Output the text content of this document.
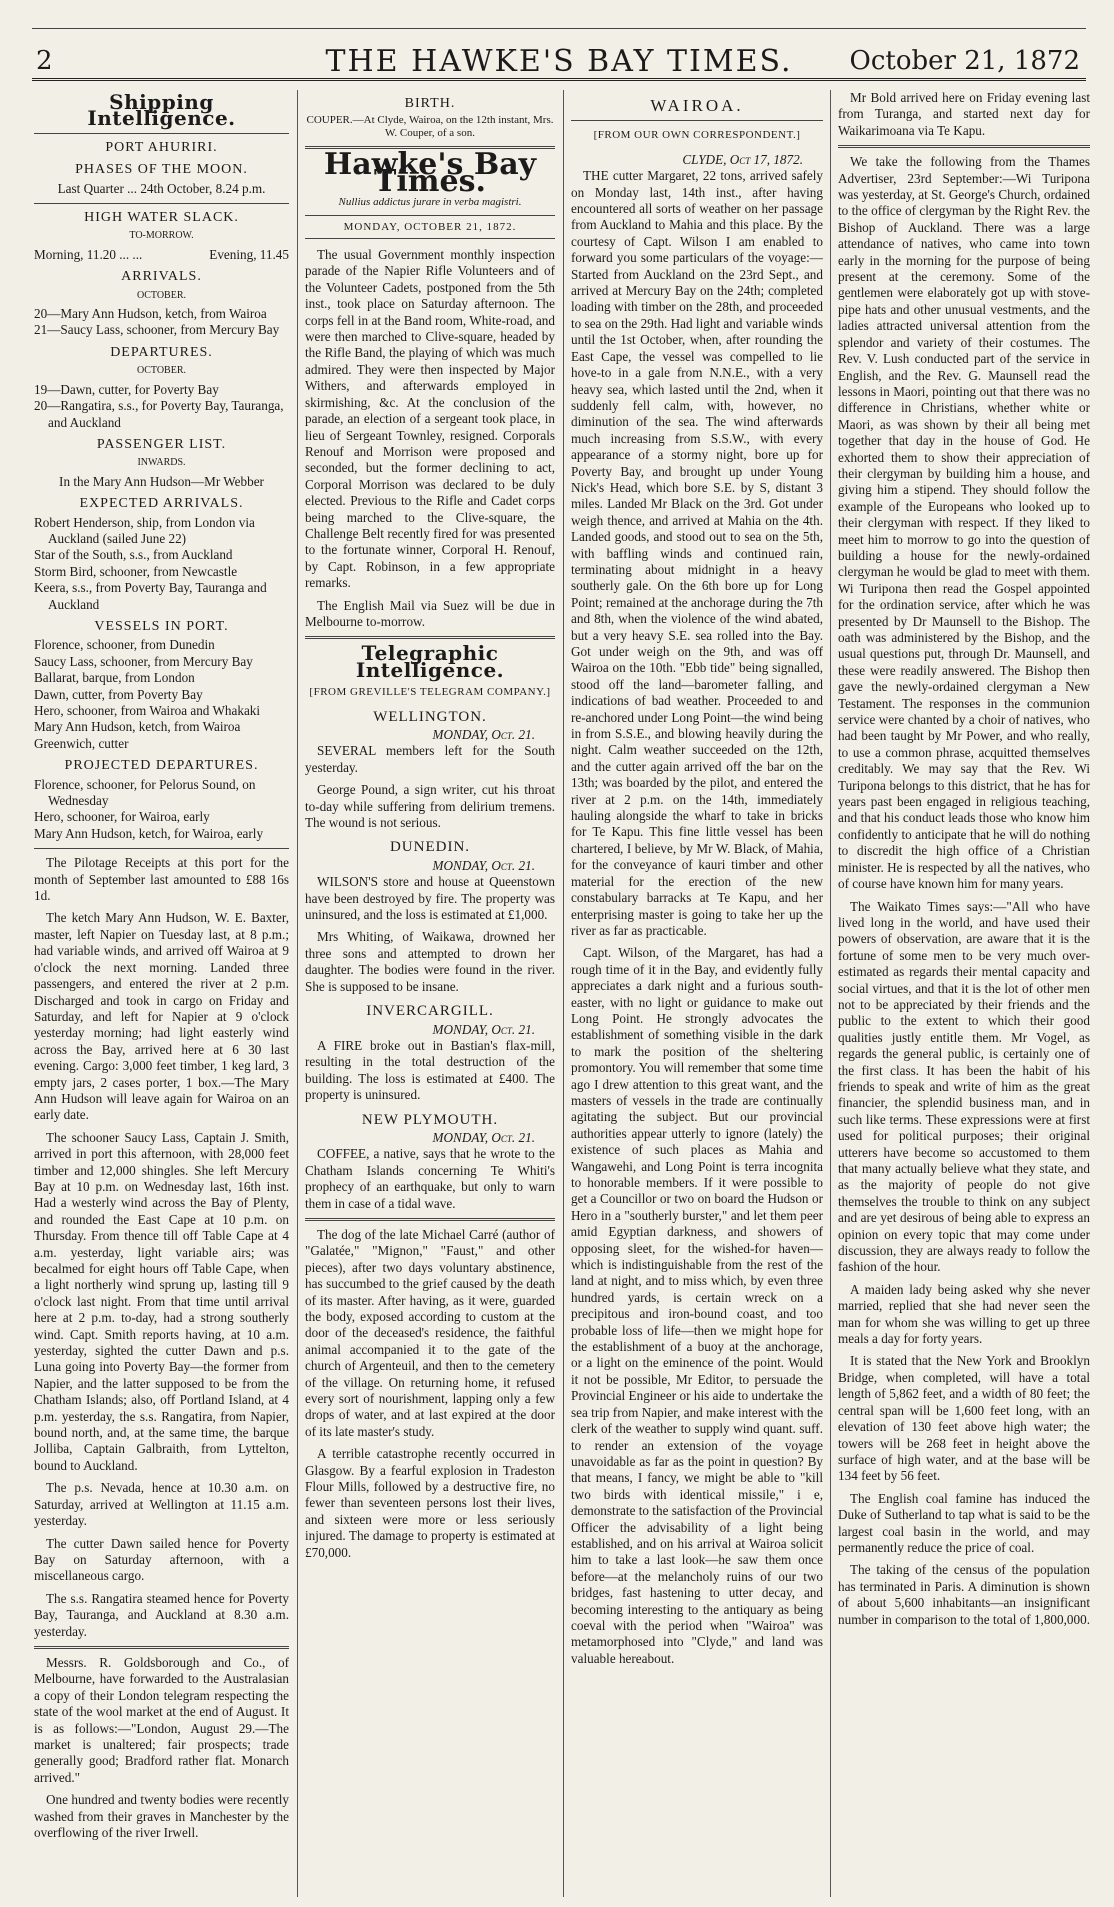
2	THE HAWKE'S BAY TIMES.	October 21, 1872
Shipping Intelligence.
PORT AHURIRI.
PHASES OF THE MOON.
Last Quarter ... 24th October, 8.24 p.m.
HIGH WATER SLACK.
TO-MORROW.
Morning, 11.20 ... ...	Evening, 11.45
ARRIVALS.
OCTOBER.

20—Mary Ann Hudson, ketch, from Wairoa

21—Saucy Lass, schooner, from Mercury Bay

DEPARTURES.
OCTOBER.

19—Dawn, cutter, for Poverty Bay

20—Rangatira, s.s., for Poverty Bay, Tauranga, and Auckland

PASSENGER LIST.
INWARDS.
In the Mary Ann Hudson—Mr Webber
EXPECTED ARRIVALS.

Robert Henderson, ship, from London via Auckland (sailed June 22)

Star of the South, s.s., from Auckland

Storm Bird, schooner, from Newcastle

Keera, s.s., from Poverty Bay, Tauranga and Auckland

VESSELS IN PORT.

Florence, schooner, from Dunedin

Saucy Lass, schooner, from Mercury Bay

Ballarat, barque, from London

Dawn, cutter, from Poverty Bay

Hero, schooner, from Wairoa and Whakaki

Mary Ann Hudson, ketch, from Wairoa

Greenwich, cutter

PROJECTED DEPARTURES.

Florence, schooner, for Pelorus Sound, on Wednesday

Hero, schooner, for Wairoa, early

Mary Ann Hudson, ketch, for Wairoa, early

The Pilotage Receipts at this port for the month of September last amounted to £88 16s 1d.

The ketch Mary Ann Hudson, W. E. Baxter, master, left Napier on Tuesday last, at 8 p.m.; had variable winds, and arrived off Wairoa at 9 o'clock the next morning. Landed three passengers, and entered the river at 2 p.m. Discharged and took in cargo on Friday and Saturday, and left for Napier at 9 o'clock yesterday morning; had light easterly wind across the Bay, arrived here at 6 30 last evening. Cargo: 3,000 feet timber, 1 keg lard, 3 empty jars, 2 cases porter, 1 box.—The Mary Ann Hudson will leave again for Wairoa on an early date.

The schooner Saucy Lass, Captain J. Smith, arrived in port this afternoon, with 28,000 feet timber and 12,000 shingles. She left Mercury Bay at 10 p.m. on Wednesday last, 16th inst. Had a westerly wind across the Bay of Plenty, and rounded the East Cape at 10 p.m. on Thursday. From thence till off Table Cape at 4 a.m. yesterday, light variable airs; was becalmed for eight hours off Table Cape, when a light northerly wind sprung up, lasting till 9 o'clock last night. From that time until arrival here at 2 p.m. to-day, had a strong southerly wind. Capt. Smith reports having, at 10 a.m. yesterday, sighted the cutter Dawn and p.s. Luna going into Poverty Bay—the former from Napier, and the latter supposed to be from the Chatham Islands; also, off Portland Island, at 4 p.m. yesterday, the s.s. Rangatira, from Napier, bound north, and, at the same time, the barque Jolliba, Captain Galbraith, from Lyttelton, bound to Auckland.

The p.s. Nevada, hence at 10.30 a.m. on Saturday, arrived at Wellington at 11.15 a.m. yesterday.

The cutter Dawn sailed hence for Poverty Bay on Saturday afternoon, with a miscellaneous cargo.

The s.s. Rangatira steamed hence for Poverty Bay, Tauranga, and Auckland at 8.30 a.m. yesterday.

Messrs. R. Goldsborough and Co., of Melbourne, have forwarded to the Australasian a copy of their London telegram respecting the state of the wool market at the end of August. It is as follows:—"London, August 29.—The market is unaltered; fair prospects; trade generally good; Bradford rather flat. Monarch arrived."

One hundred and twenty bodies were recently washed from their graves in Manchester by the overflowing of the river Irwell.

BIRTH.
COUPER.—At Clyde, Wairoa, on the 12th instant, Mrs. W. Couper, of a son.
Hawke's Bay Times.
Nullius addictus jurare in verba magistri.
MONDAY, OCTOBER 21, 1872.

The usual Government monthly inspection parade of the Napier Rifle Volunteers and of the Volunteer Cadets, postponed from the 5th inst., took place on Saturday afternoon. The corps fell in at the Band room, White-road, and were then marched to Clive-square, headed by the Rifle Band, the playing of which was much admired. They were then inspected by Major Withers, and afterwards employed in skirmishing, &c. At the conclusion of the parade, an election of a sergeant took place, in lieu of Sergeant Townley, resigned. Corporals Renouf and Morrison were proposed and seconded, but the former declining to act, Corporal Morrison was declared to be duly elected. Previous to the Rifle and Cadet corps being marched to the Clive-square, the Challenge Belt recently fired for was presented to the fortunate winner, Corporal H. Renouf, by Capt. Robinson, in a few appropriate remarks.

The English Mail via Suez will be due in Melbourne to-morrow.

Telegraphic Intelligence.
[FROM GREVILLE'S TELEGRAM COMPANY.]
WELLINGTON.
MONDAY, Oct. 21.

SEVERAL members left for the South yesterday.

George Pound, a sign writer, cut his throat to-day while suffering from delirium tremens. The wound is not serious.

DUNEDIN.
MONDAY, Oct. 21.

WILSON'S store and house at Queenstown have been destroyed by fire. The property was uninsured, and the loss is estimated at £1,000.

Mrs Whiting, of Waikawa, drowned her three sons and attempted to drown her daughter. The bodies were found in the river. She is supposed to be insane.

INVERCARGILL.
MONDAY, Oct. 21.

A FIRE broke out in Bastian's flax-mill, resulting in the total destruction of the building. The loss is estimated at £400. The property is uninsured.

NEW PLYMOUTH.
MONDAY, Oct. 21.

COFFEE, a native, says that he wrote to the Chatham Islands concerning Te Whiti's prophecy of an earthquake, but only to warn them in case of a tidal wave.

The dog of the late Michael Carré (author of "Galatée," "Mignon," "Faust," and other pieces), after two days voluntary abstinence, has succumbed to the grief caused by the death of its master. After having, as it were, guarded the body, exposed according to custom at the door of the deceased's residence, the faithful animal accompanied it to the gate of the church of Argenteuil, and then to the cemetery of the village. On returning home, it refused every sort of nourishment, lapping only a few drops of water, and at last expired at the door of its late master's study.

A terrible catastrophe recently occurred in Glasgow. By a fearful explosion in Tradeston Flour Mills, followed by a destructive fire, no fewer than seventeen persons lost their lives, and sixteen were more or less seriously injured. The damage to property is estimated at £70,000.

WAIROA.
[FROM OUR OWN CORRESPONDENT.]
CLYDE, Oct 17, 1872.

THE cutter Margaret, 22 tons, arrived safely on Monday last, 14th inst., after having encountered all sorts of weather on her passage from Auckland to Mahia and this place. By the courtesy of Capt. Wilson I am enabled to forward you some particulars of the voyage:—Started from Auckland on the 23rd Sept., and arrived at Mercury Bay on the 24th; completed loading with timber on the 28th, and proceeded to sea on the 29th. Had light and variable winds until the 1st October, when, after rounding the East Cape, the vessel was compelled to lie hove-to in a gale from N.N.E., with a very heavy sea, which lasted until the 2nd, when it suddenly fell calm, with, however, no diminution of the sea. The wind afterwards much increasing from S.S.W., with every appearance of a stormy night, bore up for Poverty Bay, and brought up under Young Nick's Head, which bore S.E. by S, distant 3 miles. Landed Mr Black on the 3rd. Got under weigh thence, and arrived at Mahia on the 4th. Landed goods, and stood out to sea on the 5th, with baffling winds and continued rain, terminating about midnight in a heavy southerly gale. On the 6th bore up for Long Point; remained at the anchorage during the 7th and 8th, when the violence of the wind abated, but a very heavy S.E. sea rolled into the Bay. Got under weigh on the 9th, and was off Wairoa on the 10th. "Ebb tide" being signalled, stood off the land—barometer falling, and indications of bad weather. Proceeded to and re-anchored under Long Point—the wind being in from S.S.E., and blowing heavily during the night. Calm weather succeeded on the 12th, and the cutter again arrived off the bar on the 13th; was boarded by the pilot, and entered the river at 2 p.m. on the 14th, immediately hauling alongside the wharf to take in bricks for Te Kapu. This fine little vessel has been chartered, I believe, by Mr W. Black, of Mahia, for the conveyance of kauri timber and other material for the erection of the new constabulary barracks at Te Kapu, and her enterprising master is going to take her up the river as far as practicable.

Capt. Wilson, of the Margaret, has had a rough time of it in the Bay, and evidently fully appreciates a dark night and a furious south-easter, with no light or guidance to make out Long Point. He strongly advocates the establishment of something visible in the dark to mark the position of the sheltering promontory. You will remember that some time ago I drew attention to this great want, and the masters of vessels in the trade are continually agitating the subject. But our provincial authorities appear utterly to ignore (lately) the existence of such places as Mahia and Wangawehi, and Long Point is terra incognita to honorable members. If it were possible to get a Councillor or two on board the Hudson or Hero in a "southerly burster," and let them peer amid Egyptian darkness, and showers of opposing sleet, for the wished-for haven—which is indistinguishable from the rest of the land at night, and to miss which, by even three hundred yards, is certain wreck on a precipitous and iron-bound coast, and too probable loss of life—then we might hope for the establishment of a buoy at the anchorage, or a light on the eminence of the point. Would it not be possible, Mr Editor, to persuade the Provincial Engineer or his aide to undertake the sea trip from Napier, and make interest with the clerk of the weather to supply wind quant. suff. to render an extension of the voyage unavoidable as far as the point in question? By that means, I fancy, we might be able to "kill two birds with identical missile," i e, demonstrate to the satisfaction of the Provincial Officer the advisability of a light being established, and on his arrival at Wairoa solicit him to take a last look—he saw them once before—at the melancholy ruins of our two bridges, fast hastening to utter decay, and becoming interesting to the antiquary as being coeval with the period when "Wairoa" was metamorphosed into "Clyde," and land was valuable hereabout.

Mr Bold arrived here on Friday evening last from Turanga, and started next day for Waikarimoana via Te Kapu.

We take the following from the Thames Advertiser, 23rd September:—Wi Turipona was yesterday, at St. George's Church, ordained to the office of clergyman by the Right Rev. the Bishop of Auckland. There was a large attendance of natives, who came into town early in the morning for the purpose of being present at the ceremony. Some of the gentlemen were elaborately got up with stove-pipe hats and other unusual vestments, and the ladies attracted universal attention from the splendor and variety of their costumes. The Rev. V. Lush conducted part of the service in English, and the Rev. G. Maunsell read the lessons in Maori, pointing out that there was no difference in Christians, whether white or Maori, as was shown by their all being met together that day in the house of God. He exhorted them to show their appreciation of their clergyman by building him a house, and giving him a stipend. They should follow the example of the Europeans who looked up to their clergyman with respect. If they liked to meet him to morrow to go into the question of building a house for the newly-ordained clergyman he would be glad to meet with them. Wi Turipona then read the Gospel appointed for the ordination service, after which he was presented by Dr Maunsell to the Bishop. The oath was administered by the Bishop, and the usual questions put, through Dr. Maunsell, and these were readily answered. The Bishop then gave the newly-ordained clergyman a New Testament. The responses in the communion service were chanted by a choir of natives, who had been taught by Mr Power, and who really, to use a common phrase, acquitted themselves creditably. We may say that the Rev. Wi Turipona belongs to this district, that he has for years past been engaged in religious teaching, and that his conduct leads those who know him confidently to anticipate that he will do nothing to discredit the high office of a Christian minister. He is respected by all the natives, who of course have known him for many years.

The Waikato Times says:—"All who have lived long in the world, and have used their powers of observation, are aware that it is the fortune of some men to be very much over-estimated as regards their mental capacity and social virtues, and that it is the lot of other men not to be appreciated by their friends and the public to the extent to which their good qualities justly entitle them. Mr Vogel, as regards the general public, is certainly one of the first class. It has been the habit of his friends to speak and write of him as the great financier, the splendid business man, and in such like terms. These expressions were at first used for political purposes; their original utterers have become so accustomed to them that many actually believe what they state, and as the majority of people do not give themselves the trouble to think on any subject and are yet desirous of being able to express an opinion on every topic that may come under discussion, they are always ready to follow the fashion of the hour.

A maiden lady being asked why she never married, replied that she had never seen the man for whom she was willing to get up three meals a day for forty years.

It is stated that the New York and Brooklyn Bridge, when completed, will have a total length of 5,862 feet, and a width of 80 feet; the central span will be 1,600 feet long, with an elevation of 130 feet above high water; the towers will be 268 feet in height above the surface of high water, and at the base will be 134 feet by 56 feet.

The English coal famine has induced the Duke of Sutherland to tap what is said to be the largest coal basin in the world, and may permanently reduce the price of coal.

The taking of the census of the population has terminated in Paris. A diminution is shown of about 5,600 inhabitants—an insignificant number in comparison to the total of 1,800,000.
